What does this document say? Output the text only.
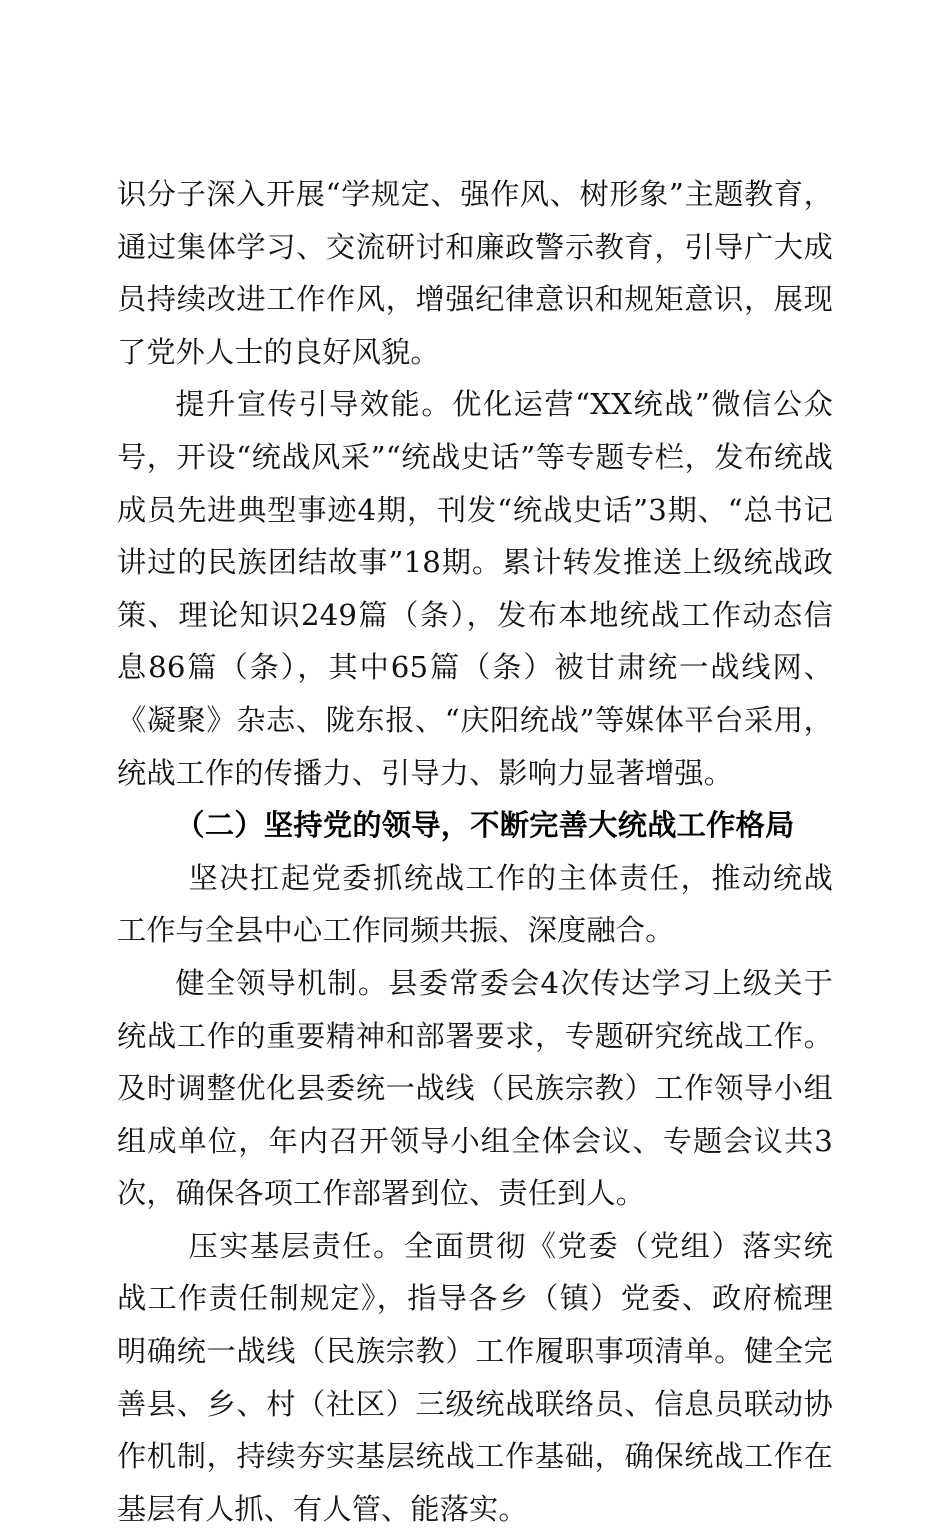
识分子深入开展“学规定、强作风、树形象”主题教育，通过集体学习、交流研讨和廉政警示教育，引导广大成员持续改进工作作风，增强纪律意识和规矩意识，展现了党外人士的良好风貌。

提升宣传引导效能。优化运营“XX统战”微信公众号，开设“统战风采”“统战史话”等专题专栏，发布统战成员先进典型事迹4期，刊发“统战史话”3期、“总书记讲过的民族团结故事”18期。累计转发推送上级统战政策、理论知识249篇（条），发布本地统战工作动态信息86篇（条），其中65篇（条）被甘肃统一战线网、《凝聚》杂志、陇东报、“庆阳统战”等媒体平台采用，统战工作的传播力、引导力、影响力显著增强。

（二）坚持党的领导，不断完善大统战工作格局

坚决扛起党委抓统战工作的主体责任，推动统战工作与全县中心工作同频共振、深度融合。

健全领导机制。县委常委会4次传达学习上级关于统战工作的重要精神和部署要求，专题研究统战工作。及时调整优化县委统一战线（民族宗教）工作领导小组组成单位，年内召开领导小组全体会议、专题会议共3次，确保各项工作部署到位、责任到人。

压实基层责任。全面贯彻《党委（党组）落实统战工作责任制规定》，指导各乡（镇）党委、政府梳理明确统一战线（民族宗教）工作履职事项清单。健全完善县、乡、村（社区）三级统战联络员、信息员联动协作机制，持续夯实基层统战工作基础，确保统战工作在基层有人抓、有人管、能落实。
